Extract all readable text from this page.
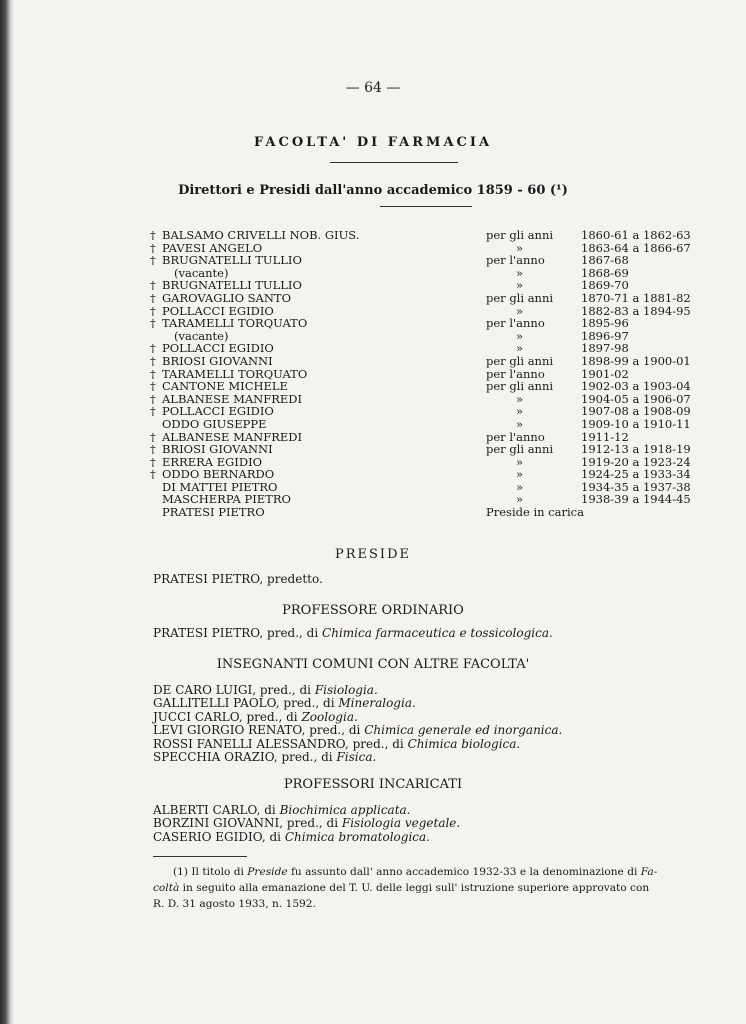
— 64 —
FACOLTA' DI FARMACIA
Direttori e Presidi dall'anno accademico 1859 - 60 (¹)
† BALSAMO CRIVELLI NOB. GIUS.	per gli anni 1860-61 a 1862-63
† PAVESI ANGELO	»	1863-64 a 1866-67
† BRUGNATELLI TULLIO	per l'anno	1867-68
(vacante)	»	1868-69
† BRUGNATELLI TULLIO	»	1869-70
† GAROVAGLIO SANTO	per gli anni 1870-71 a 1881-82
† POLLACCI EGIDIO	»	1882-83 a 1894-95
† TARAMELLI TORQUATO	per l'anno	1895-96
(vacante)	»	1896-97
† POLLACCI EGIDIO	»	1897-98
† BRIOSI GIOVANNI	per gli anni 1898-99 a 1900-01
† TARAMELLI TORQUATO	per l'anno	1901-02
† CANTONE MICHELE	per gli anni 1902-03 a 1903-04
† ALBANESE MANFREDI	»	1904-05 a 1906-07
† POLLACCI EGIDIO	»	1907-08 a 1908-09
ODDO GIUSEPPE	»	1909-10 a 1910-11
† ALBANESE MANFREDI	per l'anno	1911-12
† BRIOSI GIOVANNI	per gli anni 1912-13 a 1918-19
† ERRERA EGIDIO	»	1919-20 a 1923-24
† ODDO BERNARDO	»	1924-25 a 1933-34
DI MATTEI PIETRO	»	1934-35 a 1937-38
MASCHERPA PIETRO	»	1938-39 a 1944-45
PRATESI PIETRO	Preside in carica
PRESIDE

PRATESI PIETRO, predetto.

PROFESSORE ORDINARIO

PRATESI PIETRO, pred., di Chimica farmaceutica e tossicologica.

INSEGNANTI COMUNI CON ALTRE FACOLTA'

DE CARO LUIGI, pred., di Fisiologia.

GALLITELLI PAOLO, pred., di Mineralogia.

JUCCI CARLO, pred., di Zoologia.

LEVI GIORGIO RENATO, pred., di Chimica generale ed inorganica.

ROSSI FANELLI ALESSANDRO, pred., di Chimica biologica.

SPECCHIA ORAZIO, pred., di Fisica.

PROFESSORI INCARICATI

ALBERTI CARLO, di Biochimica applicata.

BORZINI GIOVANNI, pred., di Fisiologia vegetale.

CASERIO EGIDIO, di Chimica bromatologica.

(1) Il titolo di Preside fu assunto dall' anno accademico 1932-33 e la denominazione di Fa-

coltà in seguito alla emanazione del T. U. delle leggi sull' istruzione superiore approvato con

R. D. 31 agosto 1933, n. 1592.
